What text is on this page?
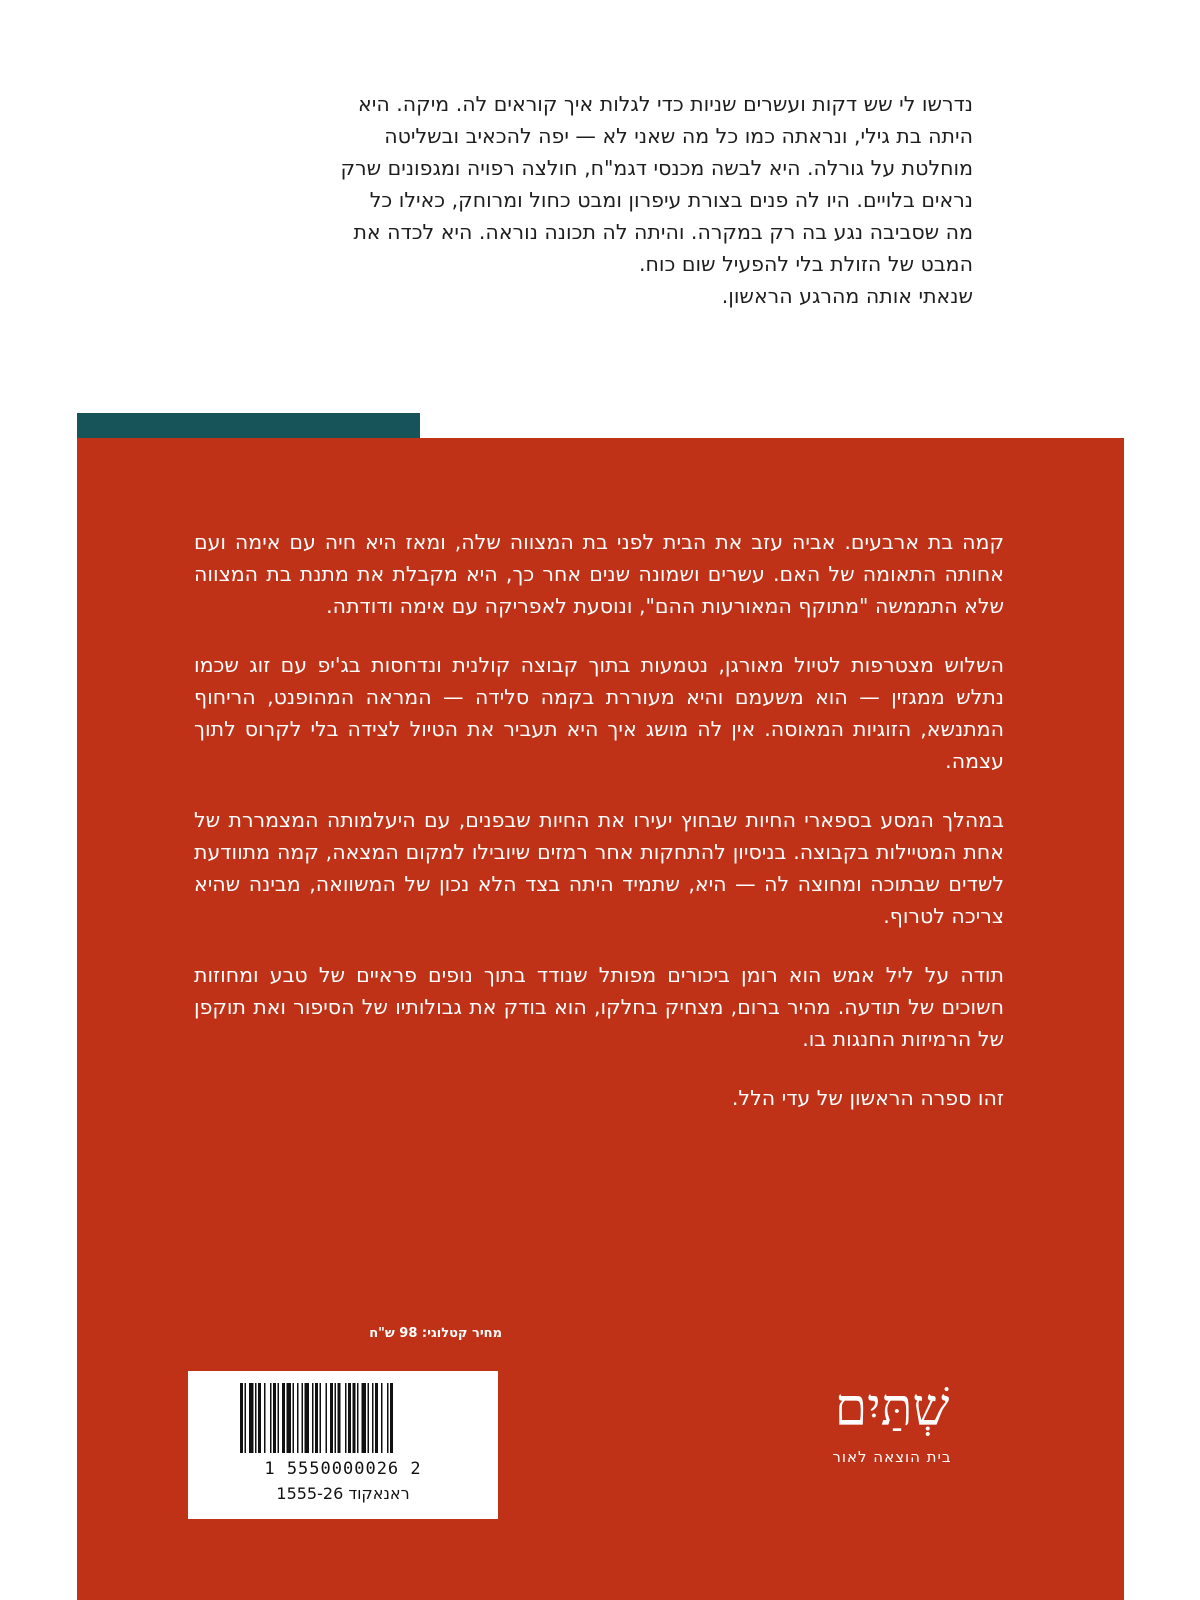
נדרשו לי שש דקות ועשרים שניות כדי לגלות איך קוראים לה. מיקה. היא

היתה בת גילי, ונראתה כמו כל מה שאני לא — יפה להכאיב ובשליטה

מוחלטת על גורלה. היא לבשה מכנסי דגמ"ח, חולצה רפויה ומגפונים שרק

נראים בלויים. היו לה פנים בצורת עיפרון ומבט כחול ומרוחק, כאילו כל

מה שסביבה נגע בה רק במקרה. והיתה לה תכונה נוראה. היא לכדה את

המבט של הזולת בלי להפעיל שום כוח.

שנאתי אותה מהרגע הראשון.

קמה בת ארבעים. אביה עזב את הבית לפני בת המצווה שלה, ומאז היא חיה עם אימה ועם אחותה התאומה של האם. עשרים ושמונה שנים אחר כך, היא מקבלת את מתנת בת המצווה שלא התממשה "מתוקף המאורעות ההם", ונוסעת לאפריקה עם אימה ודודתה.

השלוש מצטרפות לטיול מאורגן, נטמעות בתוך קבוצה קולנית ונדחסות בג'יפ עם זוג שכמו נתלש ממגזין — הוא משעמם והיא מעוררת בקמה סלידה — המראה המהופנט, הריחוף המתנשא, הזוגיות המאוסה. אין לה מושג איך היא תעביר את הטיול לצידה בלי לקרוס לתוך עצמה.

במהלך המסע בספארי החיות שבחוץ יעירו את החיות שבפנים, עם היעלמותה המצמררת של אחת המטיילות בקבוצה. בניסיון להתחקות אחר רמזים שיובילו למקום המצאה, קמה מתוודעת לשדים שבתוכה ומחוצה לה — היא, שתמיד היתה בצד הלא נכון של המשוואה, מבינה שהיא צריכה לטרוף.

תודה על ליל אמש הוא רומן ביכורים מפותל שנודד בתוך נופים פראיים של טבע ומחוזות חשוכים של תודעה. מהיר ברום, מצחיק בחלקו, הוא בודק את גבולותיו של הסיפור ואת תוקפן של הרמיזות החנגות בו.

זהו ספרה הראשון של עדי הלל.

מחיר קטלוגי: 98 ש"ח
1 5550000026 2
ראנאקוד 1555-26
שְׁתַּיִם
בית הוצאה לאור
